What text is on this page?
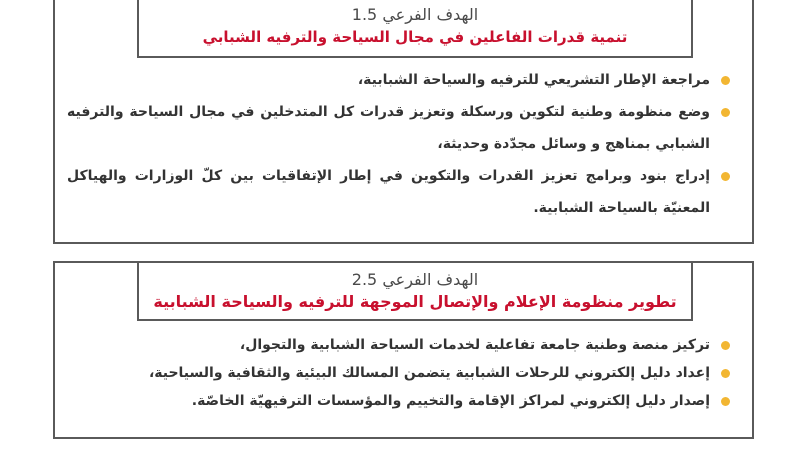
الهدف الفرعي 1.5
تنمية قدرات الفاعلين في مجال السياحة والترفيه الشبابي
مراجعة الإطار التشريعي للترفيه والسياحة الشبابية،
وضع منظومة وطنية لتكوين ورسكلة وتعزيز قدرات كل المتدخلين في مجال السياحة والترفيه الشبابي بمناهج و وسائل مجدّدة وحديثة،
إدراج بنود وبرامج تعزيز القدرات والتكوين في إطار الإتفاقيات بين كلّ الوزارات والهياكل المعنيّة بالسياحة الشبابية.
الهدف الفرعي 2.5
تطوير منظومة الإعلام والإتصال الموجهة للترفيه والسياحة الشبابية
تركيز منصة وطنية جامعة تفاعلية لخدمات السياحة الشبابية والتجوال،
إعداد دليل إلكتروني للرحلات الشبابية يتضمن المسالك البيئية والثقافية والسياحية،
إصدار دليل إلكتروني لمراكز الإقامة والتخييم والمؤسسات الترفيهيّة الخاصّة.
